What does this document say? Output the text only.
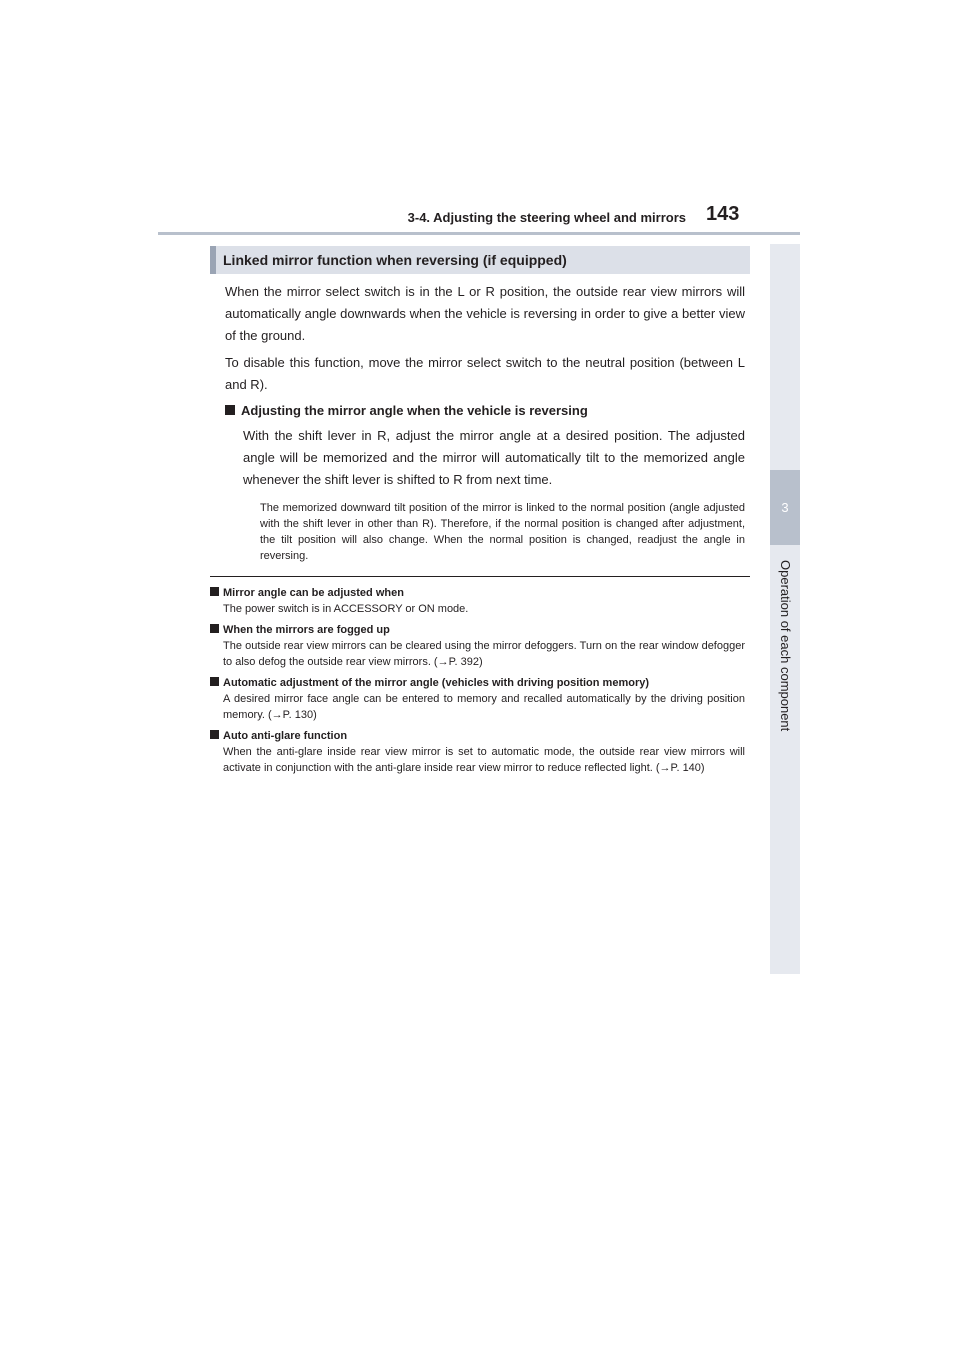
3-4. Adjusting the steering wheel and mirrors 143
3
Operation of each component
Linked mirror function when reversing (if equipped)

When the mirror select switch is in the L or R position, the outside rear view mirrors will automatically angle downwards when the vehicle is reversing in order to give a better view of the ground.

To disable this function, move the mirror select switch to the neutral position (between L and R).

Adjusting the mirror angle when the vehicle is reversing

With the shift lever in R, adjust the mirror angle at a desired position. The adjusted angle will be memorized and the mirror will automatically tilt to the memorized angle whenever the shift lever is shifted to R from next time.

The memorized downward tilt position of the mirror is linked to the normal position (angle adjusted with the shift lever in other than R). Therefore, if the normal position is changed after adjustment, the tilt position will also change. When the normal position is changed, readjust the angle in reversing.

Mirror angle can be adjusted when
The power switch is in ACCESSORY or ON mode.
When the mirrors are fogged up
The outside rear view mirrors can be cleared using the mirror defoggers. Turn on the rear window defogger to also defog the outside rear view mirrors. (→P. 392)
Automatic adjustment of the mirror angle (vehicles with driving position memory)
A desired mirror face angle can be entered to memory and recalled automatically by the driving position memory. (→P. 130)
Auto anti-glare function
When the anti-glare inside rear view mirror is set to automatic mode, the outside rear view mirrors will activate in conjunction with the anti-glare inside rear view mirror to reduce reflected light. (→P. 140)
